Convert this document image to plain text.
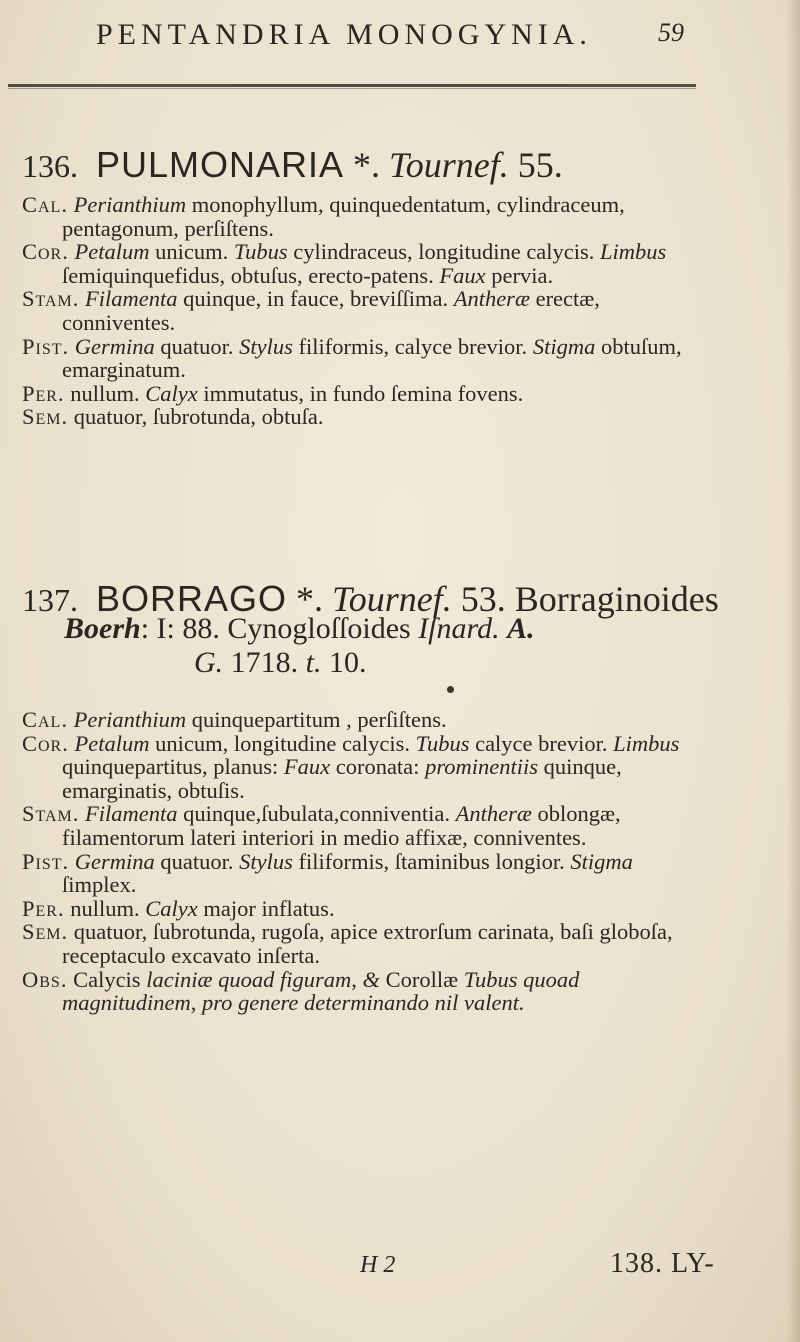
PENTANDRIA MONOGYNIA.	59
136. PULMONARIA *. Tournef. 55.

Cal. Perianthium monophyllum, quinquedentatum, cylindraceum, pentagonum, perſiſtens.

Cor. Petalum unicum. Tubus cylindraceus, longitudine calycis. Limbus ſemiquinquefidus, obtuſus, erecto-patens. Faux pervia.

Stam. Filamenta quinque, in fauce, breviſſima. Antheræ erectæ, conniventes.

Pist. Germina quatuor. Stylus filiformis, calyce brevior. Stigma obtuſum, emarginatum.

Per. nullum. Calyx immutatus, in fundo ſemina fovens.

Sem. quatuor, ſubrotunda, obtuſa.

137. BORRAGO *. Tournef. 53. Borraginoides
Boerh: I: 88. Cynogloſſoides Iſnard. A.
G. 1718. t. 10.

Cal. Perianthium quinquepartitum , perſiſtens.

Cor. Petalum unicum, longitudine calycis. Tubus calyce brevior. Limbus quinquepartitus, planus: Faux coronata: prominentiis quinque, emarginatis, obtuſis.

Stam. Filamenta quinque,ſubulata,conniventia. Antheræ oblongæ, filamentorum lateri interiori in medio affixæ, conniventes.

Pist. Germina quatuor. Stylus filiformis, ſtaminibus longior. Stigma ſimplex.

Per. nullum. Calyx major inflatus.

Sem. quatuor, ſubrotunda, rugoſa, apice extrorſum carinata, baſi globoſa, receptaculo excavato inſerta.

Obs. Calycis laciniæ quoad figuram, & Corollæ Tubus quoad magnitudinem, pro genere determinando nil valent.

H 2	138. LY-
